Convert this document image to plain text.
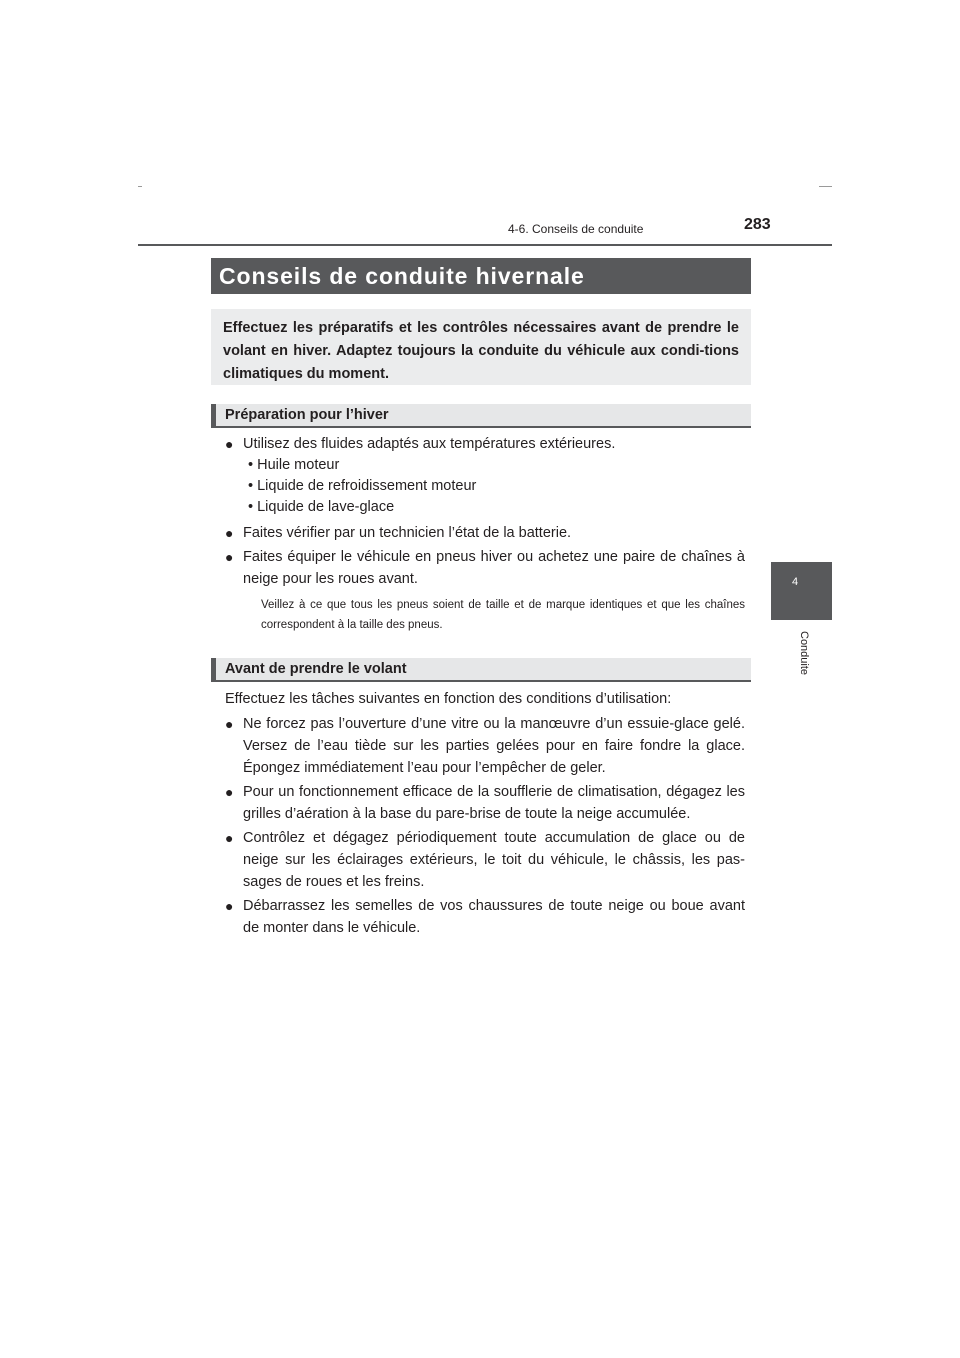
4-6. Conseils de conduite	283
4
Conduite
Conseils de conduite hivernale
Effectuez les préparatifs et les contrôles nécessaires avant de prendre le volant en hiver. Adaptez toujours la conduite du véhicule aux condi-tions climatiques du moment.
Préparation pour l’hiver
● Utilisez des fluides adaptés aux températures extérieures.
• Huile moteur
• Liquide de refroidissement moteur
• Liquide de lave-glace
● Faites vérifier par un technicien l’état de la batterie.
● Faites équiper le véhicule en pneus hiver ou achetez une paire de chaînes à neige pour les roues avant.
Veillez à ce que tous les pneus soient de taille et de marque identiques et que les chaînes correspondent à la taille des pneus.
Avant de prendre le volant
Effectuez les tâches suivantes en fonction des conditions d’utilisation:
● Ne forcez pas l’ouverture d’une vitre ou la manœuvre d’un essuie-glace gelé. Versez de l’eau tiède sur les parties gelées pour en faire fondre la glace. Épongez immédiatement l’eau pour l’empêcher de geler.
● Pour un fonctionnement efficace de la soufflerie de climatisation, dégagez les grilles d’aération à la base du pare-brise de toute la neige accumulée.
● Contrôlez et dégagez périodiquement toute accumulation de glace ou de neige sur les éclairages extérieurs, le toit du véhicule, le châssis, les pas-sages de roues et les freins.
● Débarrassez les semelles de vos chaussures de toute neige ou boue avant de monter dans le véhicule.
